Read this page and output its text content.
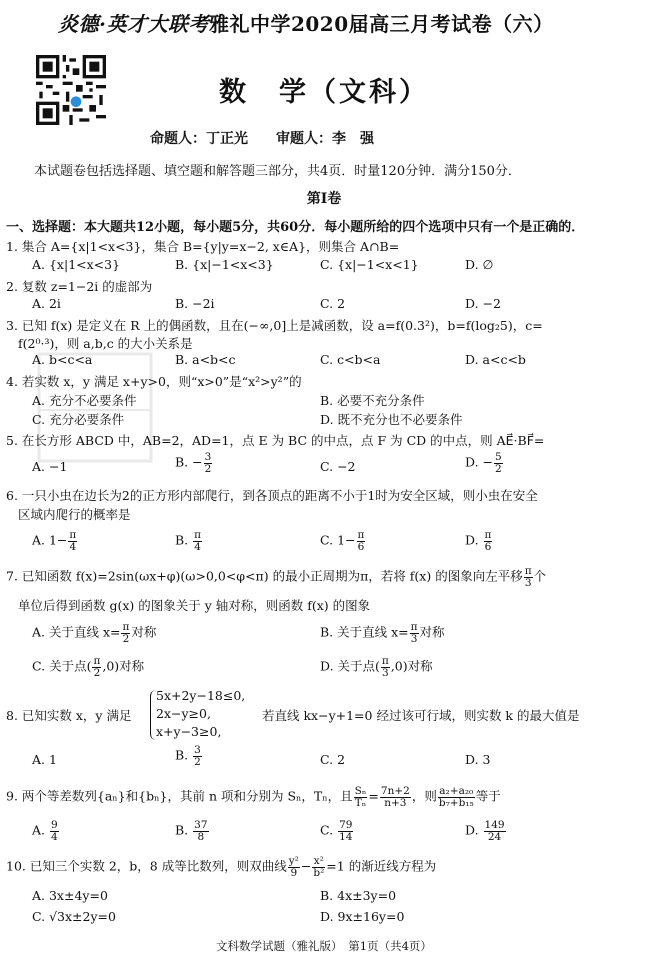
炎德·英才大联考雅礼中学2020届高三月考试卷（六）
数　学（文科）
命题人：丁正光 审题人：李　强
本试题卷包括选择题、填空题和解答题三部分，共4页．时量120分钟．满分150分．
第Ⅰ卷
一、选择题：本大题共12小题，每小题5分，共60分．每小题所给的四个选项中只有一个是正确的．
1. 集合 A={x|1<x<3}，集合 B={y|y=x−2, x∈A}，则集合 A∩B=
A. {x|1<x<3}	B. {x|−1<x<3}	C. {x|−1<x<1}	D. ∅
2. 复数 z=1−2i 的虚部为
A. 2i	B. −2i	C. 2	D. −2
3. 已知 f(x) 是定义在 R 上的偶函数，且在(−∞,0]上是减函数，设 a=f(0.3²)，b=f(log₂5)，c=
f(2⁰·³)，则 a,b,c 的大小关系是
A. b<c<a	B. a<b<c	C. c<b<a	D. a<c<b
4. 若实数 x，y 满足 x+y>0，则“x>0”是“x²>y²”的
A. 充分不必要条件	B. 必要不充分条件
C. 充分必要条件	D. 既不充分也不必要条件
5. 在长方形 ABCD 中，AB=2，AD=1，点 E 为 BC 的中点，点 F 为 CD 的中点，则 AE⃗·BF⃗=
A. −1	B. − $\frac{3}{2}$	C. −2	D. − $\frac{5}{2}$
6. 一只小虫在边长为2的正方形内部爬行，到各顶点的距离不小于1时为安全区域，则小虫在安全
区域内爬行的概率是
A. $1- \frac{\pi}{4}$	B. $\frac{\pi}{4}$	C. $1- \frac{\pi}{6}$	D. $\frac{\pi}{6}$
7. 已知函数 f(x)=2sin(ωx+φ)(ω>0,0<φ<π) 的最小正周期为π，若将 f(x) 的图象向左平移 $\frac{\pi}{3}$ 个
单位后得到函数 g(x) 的图象关于 y 轴对称，则函数 f(x) 的图象
A. 关于直线 $x= \frac{\pi}{2}$ 对称	B. 关于直线 $x= \frac{\pi}{3}$ 对称
C. 关于点( $\frac{\pi}{2} ,0$)对称	D. 关于点( $\frac{\pi}{3} ,0$)对称
8. 已知实数 x，y 满足
5x+2y−18≤0,
2x−y≥0,
x+y−3≥0,
若直线 kx−y+1=0 经过该可行域，则实数 k 的最大值是
A. 1	B. $\frac{3}{2}$	C. 2	D. 3
9. 两个等差数列{aₙ}和{bₙ}，其前 n 项和分别为 Sₙ，Tₙ，且 $\frac{\text{Sₙ}}{\text{Tₙ}} = \frac{7n+2}{n+3}$ ，则 $\frac{\text{a₂+a₂₀}}{\text{b₇+b₁₅}}$ 等于
A. $\frac{9}{4}$	B. $\frac{37}{8}$	C. $\frac{79}{14}$	D. $\frac{149}{24}$
10. 已知三个实数 2，b，8 成等比数列，则双曲线 $\frac{\text{y²}}{9} - \frac{\text{x²}}{\text{b²}} =1$ 的渐近线方程为
A. 3x±4y=0	B. 4x±3y=0
C. √3x±2y=0	D. 9x±16y=0
文科数学试题（雅礼版）　第1页（共4页）
